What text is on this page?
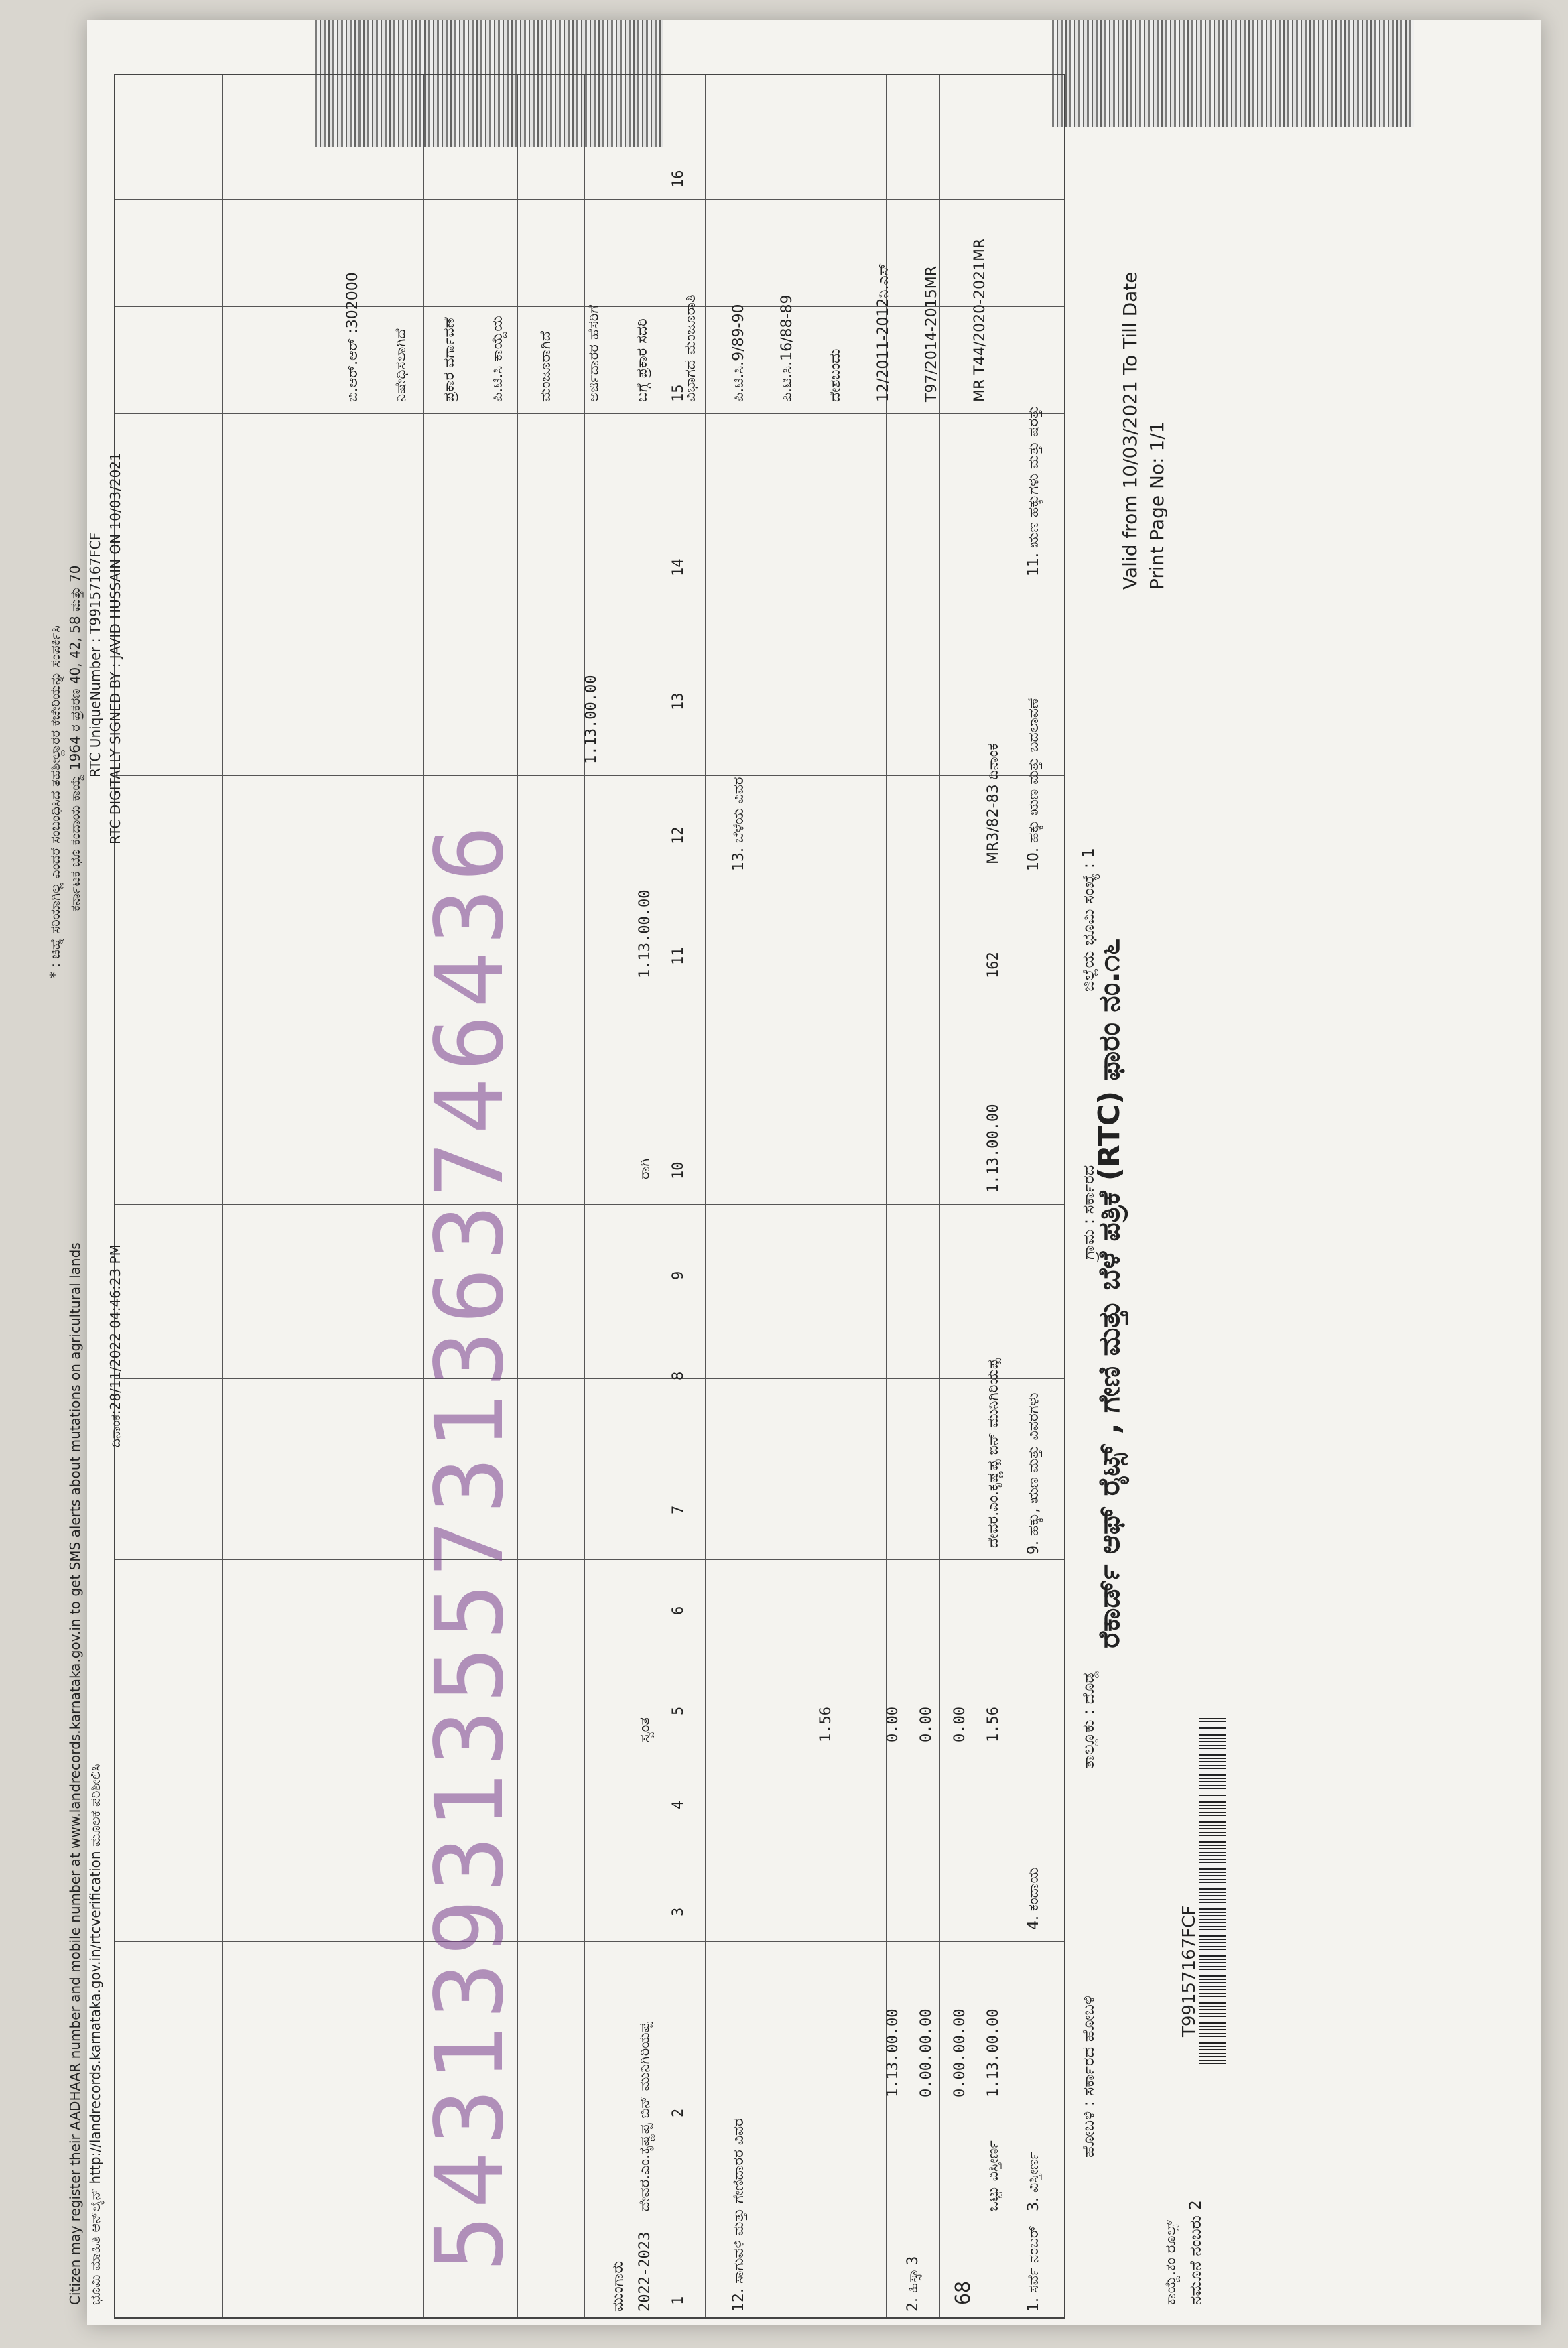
ಕಾಯ್ದೆ.ಕಂ ರೂಲ್ಸ್ ನಮೂನೆ ನಂಬರು 2
T99157167FCF
ರೆಕಾರ್ಡ್ ಆಫ್ ರೈಟ್ಸ್ , ಗೇಣಿ ಮತ್ತು ಬೆಳೆ ಪತ್ರಿಕೆ (RTC) ಫಾರಂ ನಂ.೧೬
Valid from 10/03/2021 To Till Date Print Page No: 1/1
ಹೋಬಳಿ : ಸರ್ಕಾರದ ಹೋಬಳಿ
ತಾಲ್ಲೂಕು : ದೊಡ್ಡ
ಗ್ರಾಮ : ಸರ್ಕಾರದ
ಜಿಲ್ಲೆಯ ಭೂಮಿ ಸಂಖ್ಯೆ : 1
1. ಸರ್ವೆ ನಂಬರ್
3. ವಿಸ್ತೀರ್ಣ
4. ಕಂದಾಯ
9. ಹಕ್ಕು, ಋಣ ಮತ್ತು ವಿವರಗಳು
10. ಹಕ್ಕು ಋಣ ಮತ್ತು ಬದಲಾವಣೆ
11. ಋಣ ಹಕ್ಕುಗಳು ಮತ್ತು ಷರತ್ತು
68
2. ಹಿಸ್ಸಾ
3
ಒಟ್ಟು ವಿಸ್ತೀರ್ಣ
1.13.00.00
0.00.00.00
0.00.00.00
1.13.00.00
1.56
0.00
0.00
0.00
1.56
ದೇವರ.ಎಂ.ಕೃಷ್ಣಪ್ಪ ಬಿನ್ ಮುನಿಗಿರಿಯಪ್ಪ
1.13.00.00
162
MR3/82-83 ದಿನಾಂಕ
MR T44/2020-2021MR
T97/2014-2015MR
12/2011-2012ನಿ.ಎಸ್
ದೇಶಬಂದು
ಪಿ.ಟಿ.ಸಿ.16/88-89
ಪಿ.ಟಿ.ಸಿ.9/89-90
ವಿಭಾಗದ ಮಂಜೂರಾತಿ
ಬಗ್ಗೆ ಪ್ರಕಾರ ಸದರಿ
ಅರ್ಜಿದಾರರ ಹೆಸರಿಗೆ
ಮಂಜೂರಾಗಿದೆ
ಪಿ.ಟಿ.ಸಿ ಕಾಯ್ದೆಯ
ಪ್ರಕಾರ ವರ್ಗಾವಣೆ
ನಿಷೇಧಿಸಲಾಗಿದೆ
ಬಿ.ಆರ್.ಆರ್ :302000
12. ಸಾಗುವಳಿ ಮತ್ತು ಗೇಣಿದಾರರ ವಿವರ
13. ಬೆಳೆಯ ವಿವರ
1
2
3
4
5
6
7
8
9
10
11
12
13
14
15
16
2022-2023
ಮುಂಗಾರು
ದೇವರ.ಎಂ.ಕೃಷ್ಣಪ್ಪ ಬಿನ್ ಮುನಿಗಿರಿಯಪ್ಪ
ಸ್ವಂತ
ರಾಗಿ
1.13.00.00
1.13.00.00
54313931355731363746436
ಭೂಮಿ ಮಾಹಿತಿ ಆನ್‌ಲೈನ್ http://landrecords.karnataka.gov.in/rtcverification ಮೂಲಕ ಪರಿಶೀಲಿಸಿ
Citizen may register their AADHAAR number and mobile number at www.landrecords.karnataka.gov.in to get SMS alerts about mutations on agricultural lands ದಿನಾಂಕ:28/11/2022 04:46:23 PM
RTC DIGITALLY SIGNED BY : JAVID HUSSAIN ON 10/03/2021
RTC UniqueNumber : T99157167FCF
ಕರ್ನಾಟಕ ಭೂ ಕಂದಾಯ ಕಾಯ್ದೆ 1964 ರ ಪ್ರಕರಣ 40, 42, 58 ಮತ್ತು 70
* : ಚಿಹ್ನೆ ಸರಿಯಾಗಿಲ್ಲ ಎಂದರೆ ಸಂಬಂಧಿಸಿದ ತಹಶೀಲ್ದಾರರ ಕಚೇರಿಯನ್ನು ಸಂಪರ್ಕಿಸಿ
